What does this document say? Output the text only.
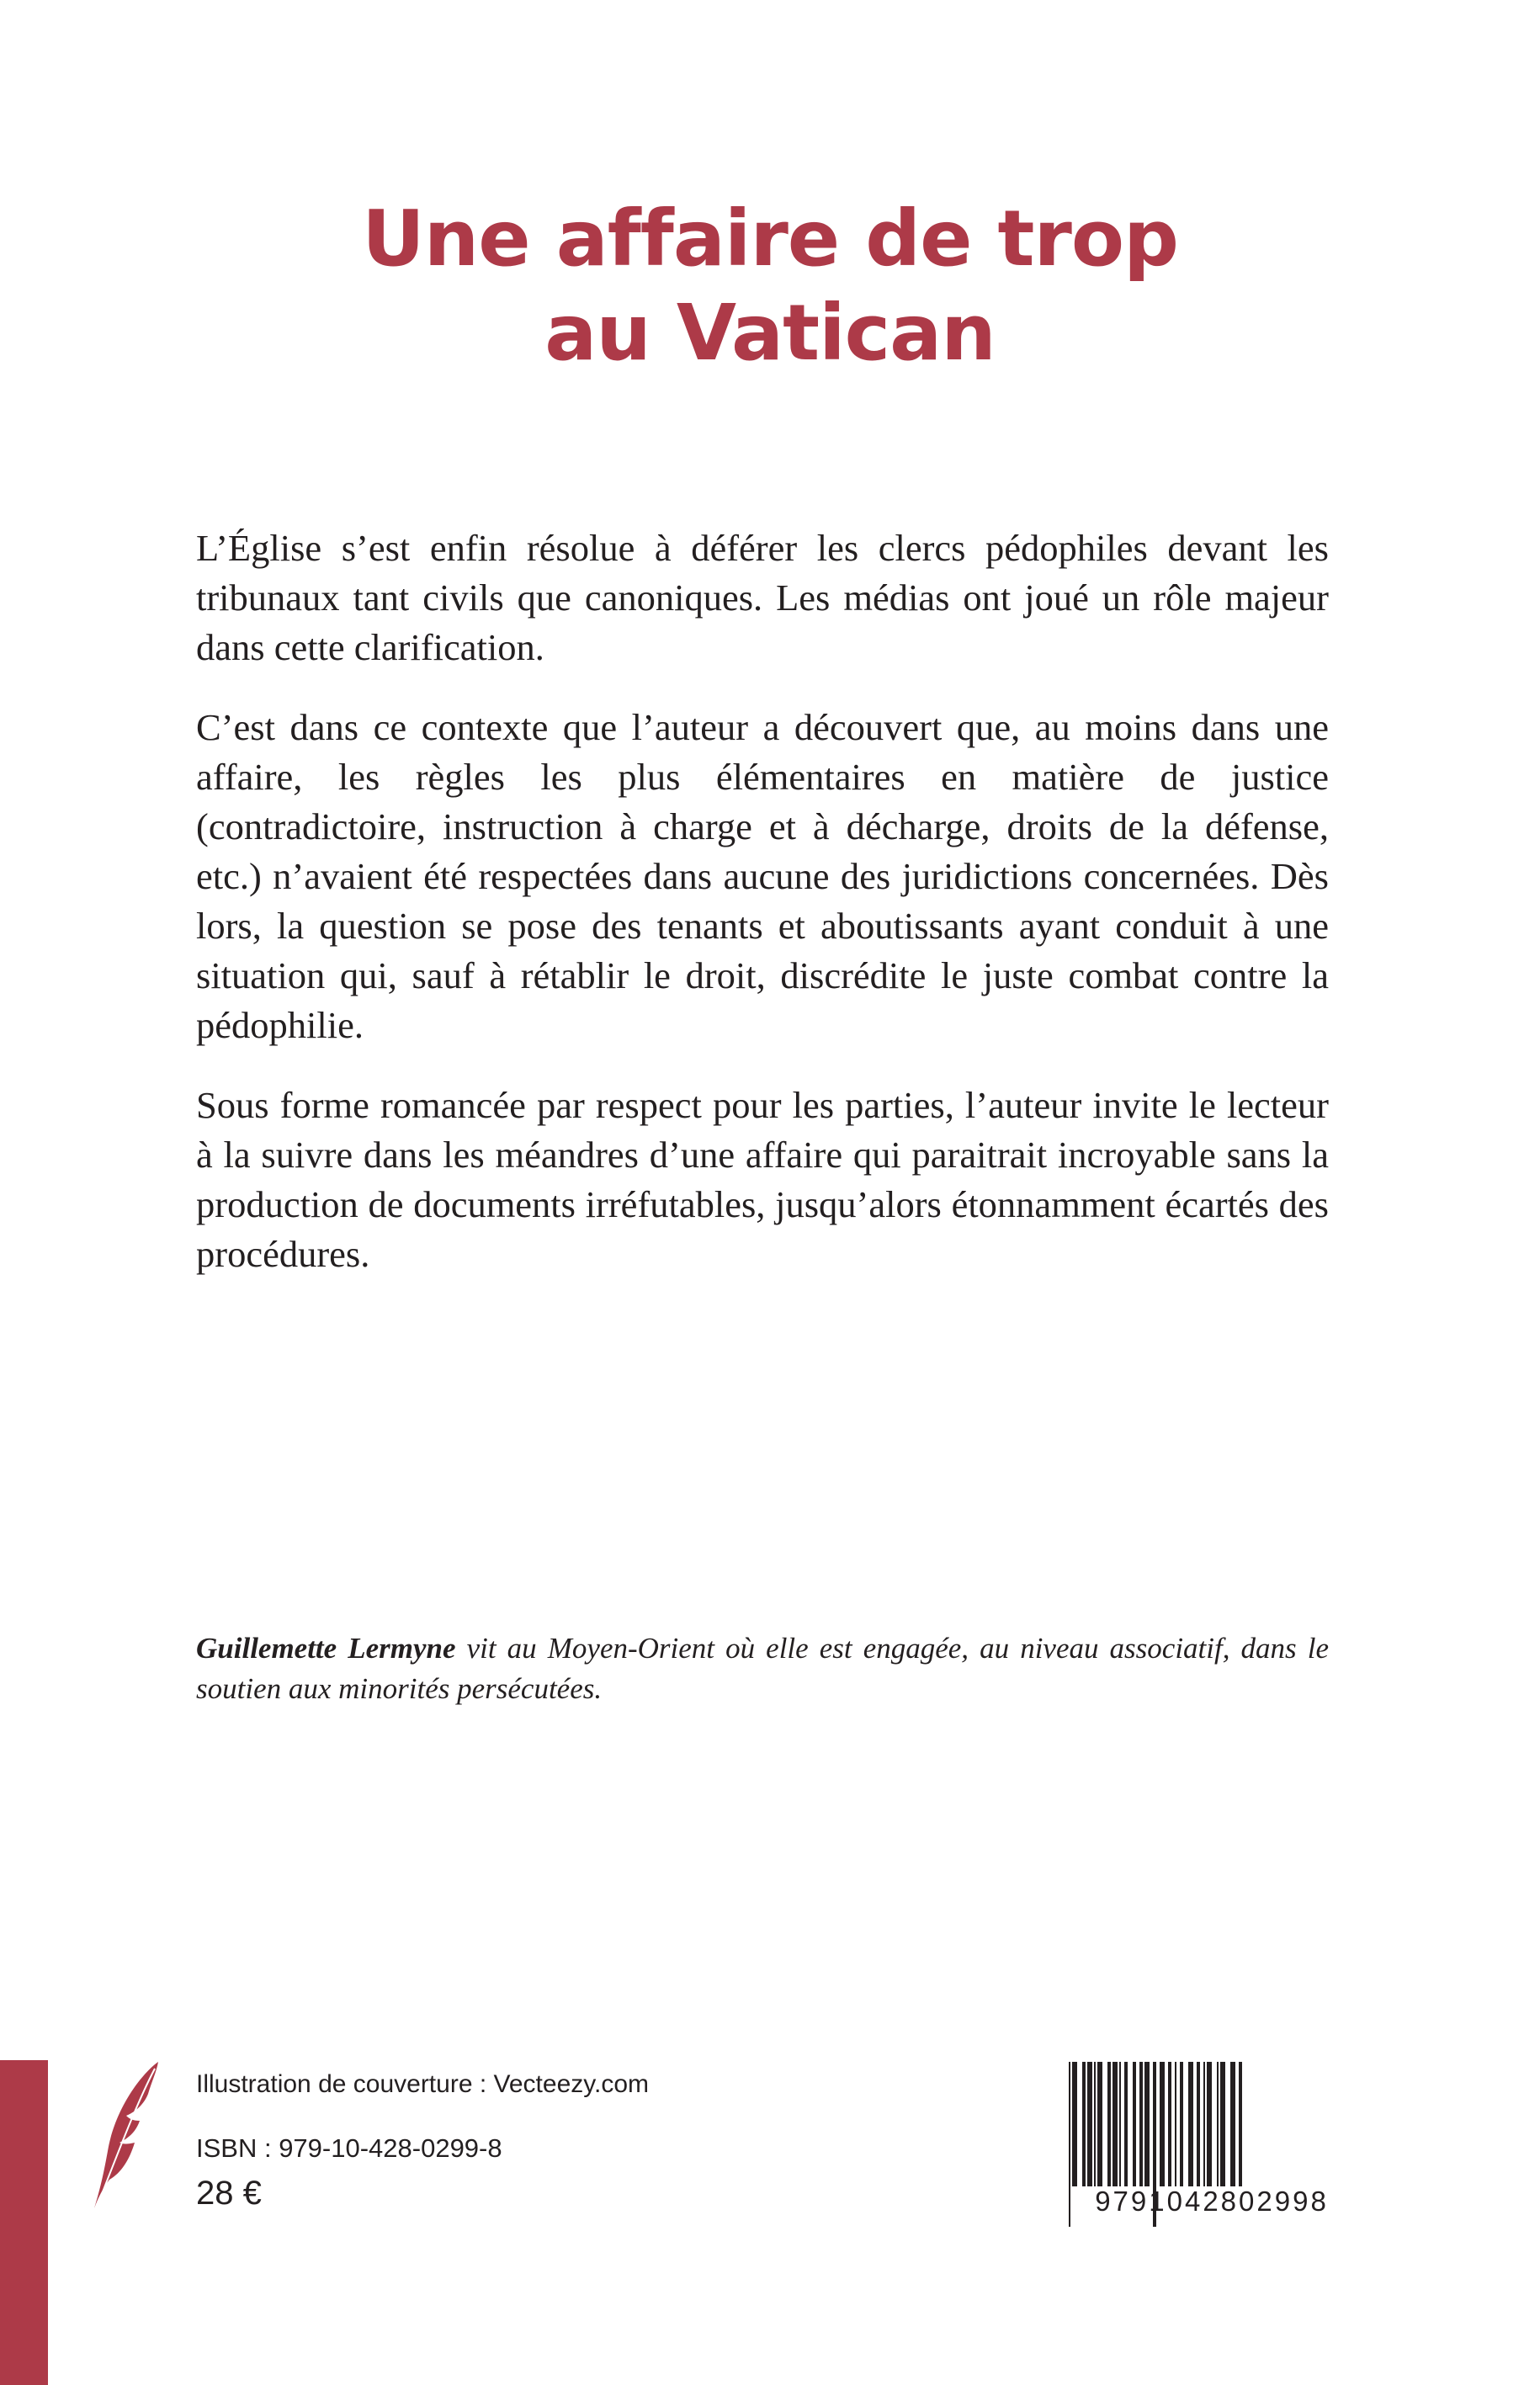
Une affaire de trop
au Vatican

L’Église s’est enfin résolue à déférer les clercs pédophiles devant les tribunaux tant civils que canoniques. Les médias ont joué un rôle majeur dans cette clarification.

C’est dans ce contexte que l’auteur a découvert que, au moins dans une affaire, les règles les plus élémentaires en matière de justice (contradictoire, instruction à charge et à décharge, droits de la défense, etc.) n’avaient été respectées dans aucune des juridictions concernées. Dès lors, la question se pose des tenants et aboutissants ayant conduit à une situation qui, sauf à rétablir le droit, discrédite le juste combat contre la pédophilie.

Sous forme romancée par respect pour les parties, l’auteur invite le lecteur à la suivre dans les méandres d’une affaire qui paraitrait incroyable sans la production de documents irréfutables, jusqu’alors étonnamment écartés des procédures.

Guillemette Lermyne vit au Moyen-Orient où elle est engagée, au niveau associatif, dans le soutien aux minorités persécutées.

Illustration de couverture : Vecteezy.com

ISBN : 979-10-428-0299-8

28 €	9791042802998
